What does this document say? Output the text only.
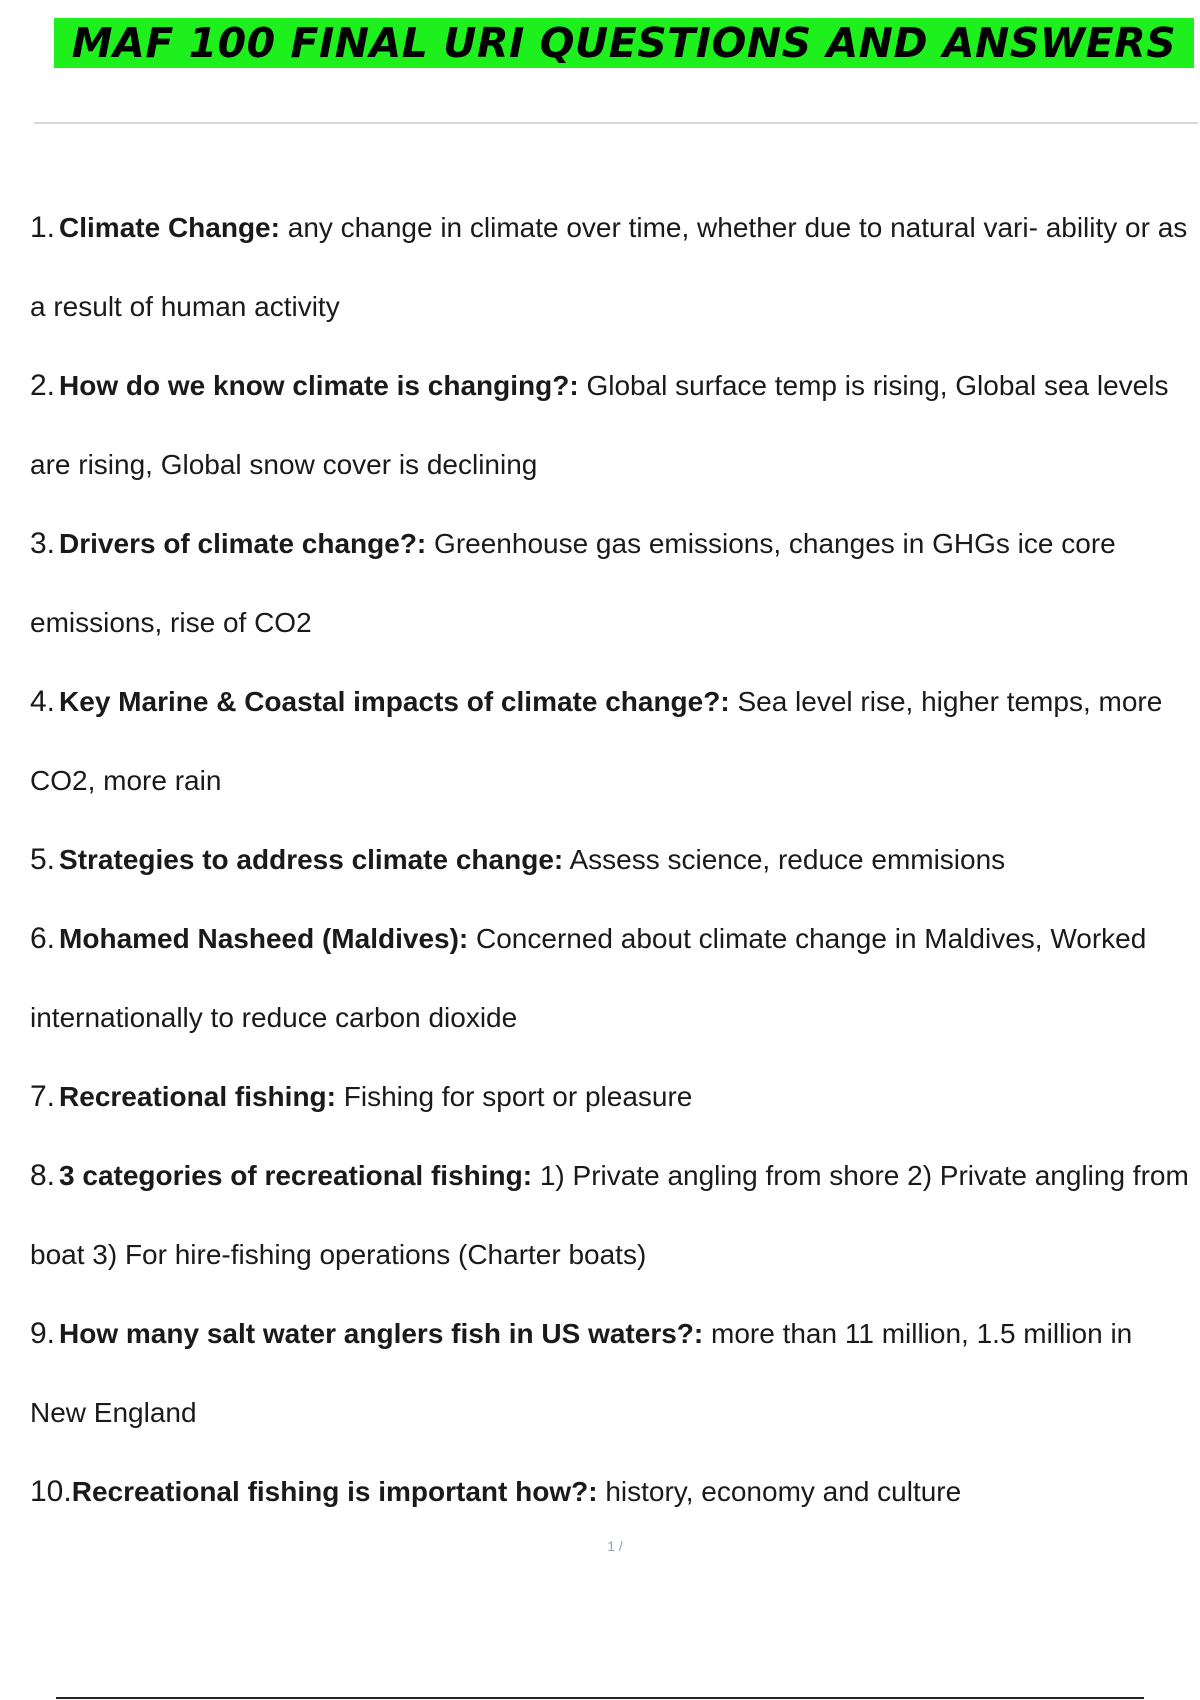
MAF 100 FINAL URI QUESTIONS AND ANSWERS
1. Climate Change: any change in climate over time, whether due to natural vari- ability or as a result of human activity
2. How do we know climate is changing?: Global surface temp is rising, Global sea levels are rising, Global snow cover is declining
3. Drivers of climate change?: Greenhouse gas emissions, changes in GHGs ice core emissions, rise of CO2
4. Key Marine & Coastal impacts of climate change?: Sea level rise, higher temps, more CO2, more rain
5. Strategies to address climate change: Assess science, reduce emmisions
6. Mohamed Nasheed (Maldives): Concerned about climate change in Maldives, Worked internationally to reduce carbon dioxide
7. Recreational fishing: Fishing for sport or pleasure
8. 3 categories of recreational fishing: 1) Private angling from shore 2) Private angling from boat 3) For hire-fishing operations (Charter boats)
9. How many salt water anglers fish in US waters?: more than 11 million, 1.5 million in New England
10.Recreational fishing is important how?: history, economy and culture
1 /
